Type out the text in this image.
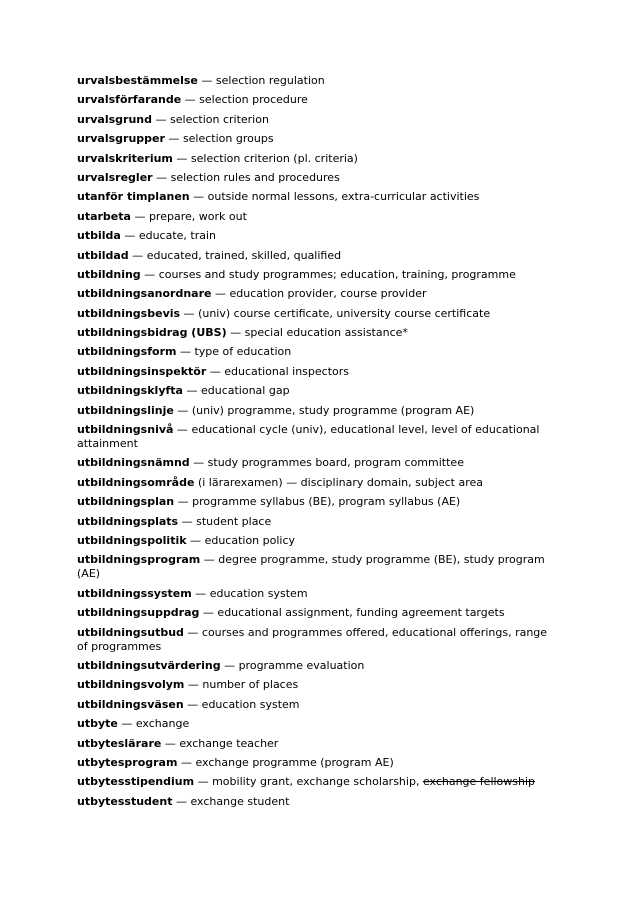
urvalsbestämmelse — selection regulation
urvalsförfarande — selection procedure
urvalsgrund — selection criterion
urvalsgrupper — selection groups
urvalskriterium — selection criterion (pl. criteria)
urvalsregler — selection rules and procedures
utanför timplanen — outside normal lessons, extra-curricular activities
utarbeta — prepare, work out
utbilda — educate, train
utbildad — educated, trained, skilled, qualified
utbildning — courses and study programmes; education, training, programme
utbildningsanordnare — education provider, course provider
utbildningsbevis — (univ) course certificate, university course certificate
utbildningsbidrag (UBS) — special education assistance*
utbildningsform — type of education
utbildningsinspektör — educational inspectors
utbildningsklyfta — educational gap
utbildningslinje — (univ) programme, study programme (program AE)
utbildningsnivå — educational cycle (univ), educational level, level of educational attainment
utbildningsnämnd — study programmes board, program committee
utbildningsområde (i lärarexamen) — disciplinary domain, subject area
utbildningsplan — programme syllabus (BE), program syllabus (AE)
utbildningsplats — student place
utbildningspolitik — education policy
utbildningsprogram — degree programme, study programme (BE), study program (AE)
utbildningssystem — education system
utbildningsuppdrag — educational assignment, funding agreement targets
utbildningsutbud — courses and programmes offered, educational offerings, range of programmes
utbildningsutvärdering — programme evaluation
utbildningsvolym — number of places
utbildningsväsen — education system
utbyte — exchange
utbyteslärare — exchange teacher
utbytesprogram — exchange programme (program AE)
utbytesstipendium — mobility grant, exchange scholarship, exchange fellowship
utbytesstudent — exchange student
